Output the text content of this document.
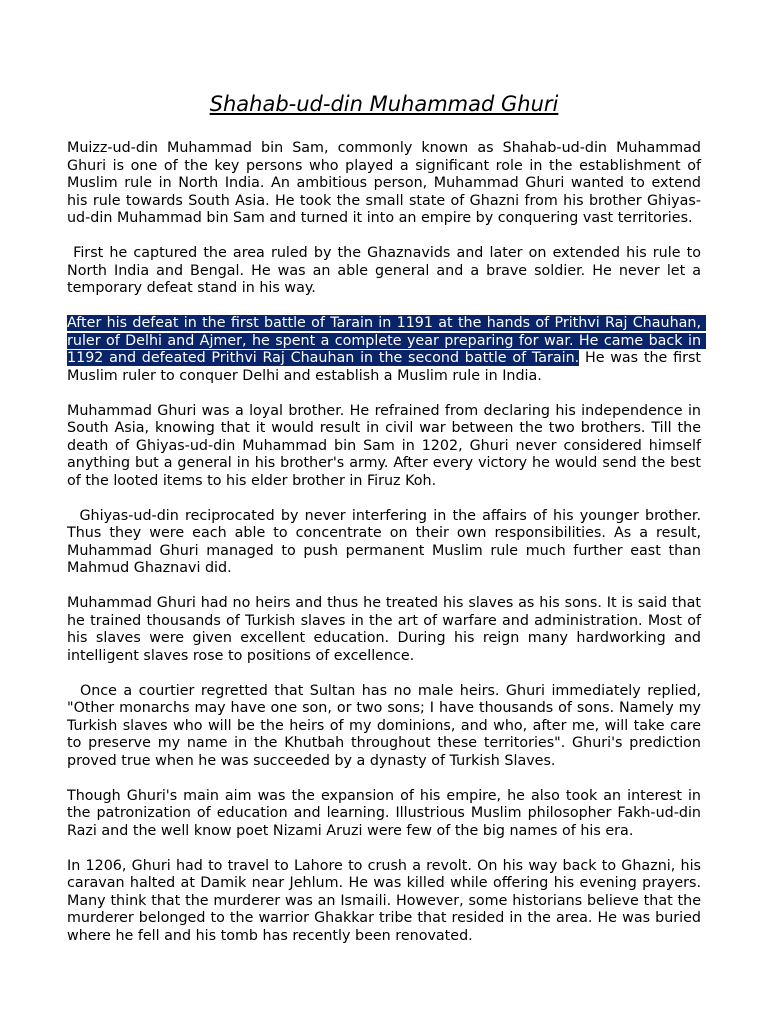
Shahab-ud-din Muhammad Ghuri

Muizz-ud-din Muhammad bin Sam, commonly known as Shahab-ud-din Muhammad Ghuri is one of the key persons who played a significant role in the establishment of Muslim rule in North India. An ambitious person, Muhammad Ghuri wanted to extend his rule towards South Asia. He took the small state of Ghazni from his brother Ghiyas-ud-din Muhammad bin Sam and turned it into an empire by conquering vast territories.

First he captured the area ruled by the Ghaznavids and later on extended his rule to North India and Bengal. He was an able general and a brave soldier. He never let a temporary defeat stand in his way.

After his defeat in the first battle of Tarain in 1191 at the hands of Prithvi Raj Chauhan, ruler of Delhi and Ajmer, he spent a complete year preparing for war. He came back in 1192 and defeated Prithvi Raj Chauhan in the second battle of Tarain. He was the first Muslim ruler to conquer Delhi and establish a Muslim rule in India.

Muhammad Ghuri was a loyal brother. He refrained from declaring his independence in South Asia, knowing that it would result in civil war between the two brothers. Till the death of Ghiyas-ud-din Muhammad bin Sam in 1202, Ghuri never considered himself anything but a general in his brother's army. After every victory he would send the best of the looted items to his elder brother in Firuz Koh.

Ghiyas-ud-din reciprocated by never interfering in the affairs of his younger brother. Thus they were each able to concentrate on their own responsibilities. As a result, Muhammad Ghuri managed to push permanent Muslim rule much further east than Mahmud Ghaznavi did.

Muhammad Ghuri had no heirs and thus he treated his slaves as his sons. It is said that he trained thousands of Turkish slaves in the art of warfare and administration. Most of his slaves were given excellent education. During his reign many hardworking and intelligent slaves rose to positions of excellence.

Once a courtier regretted that Sultan has no male heirs. Ghuri immediately replied, "Other monarchs may have one son, or two sons; I have thousands of sons. Namely my Turkish slaves who will be the heirs of my dominions, and who, after me, will take care to preserve my name in the Khutbah throughout these territories". Ghuri's prediction proved true when he was succeeded by a dynasty of Turkish Slaves.

Though Ghuri's main aim was the expansion of his empire, he also took an interest in the patronization of education and learning. Illustrious Muslim philosopher Fakh-ud-din Razi and the well know poet Nizami Aruzi were few of the big names of his era.

In 1206, Ghuri had to travel to Lahore to crush a revolt. On his way back to Ghazni, his caravan halted at Damik near Jehlum. He was killed while offering his evening prayers. Many think that the murderer was an Ismaili. However, some historians believe that the murderer belonged to the warrior Ghakkar tribe that resided in the area. He was buried where he fell and his tomb has recently been renovated.
